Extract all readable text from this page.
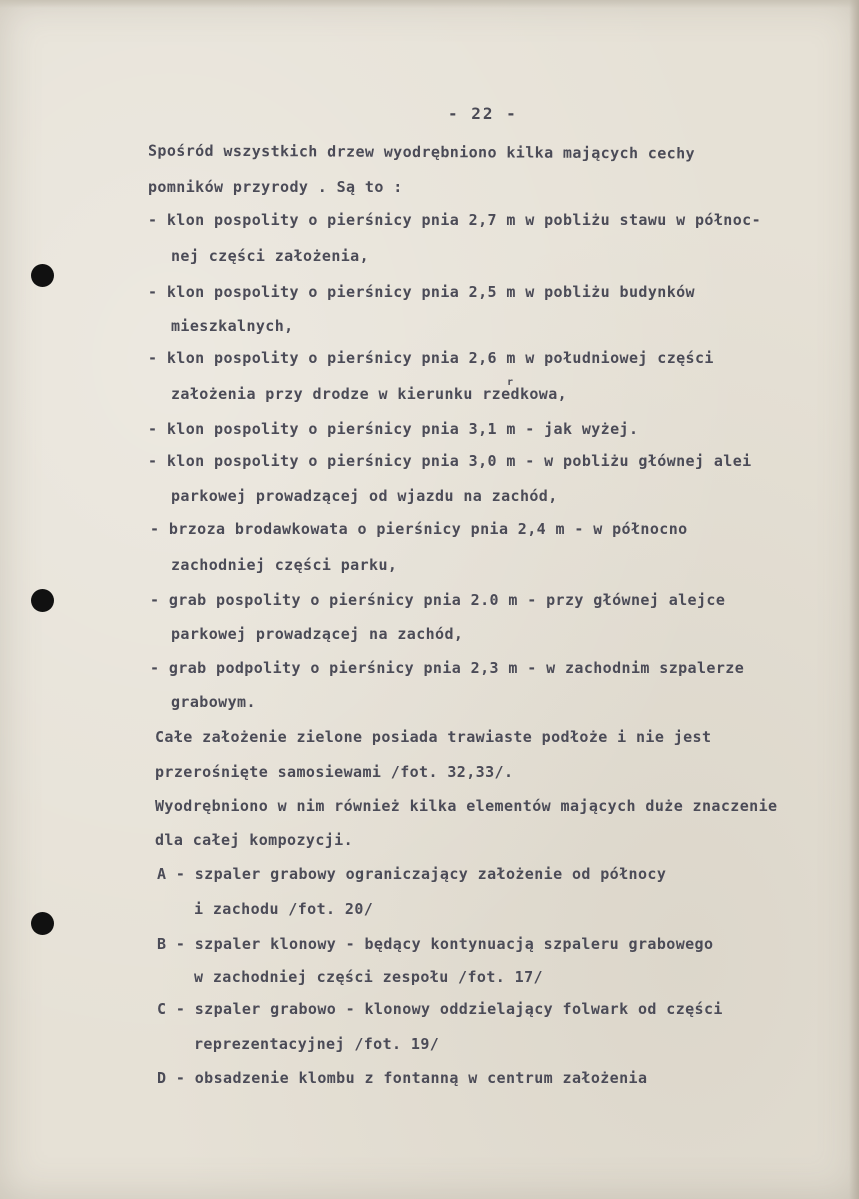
- 22 -
Spośród wszystkich drzew wyodrębniono kilka mających cechy
pomników przyrody . Są to :
- klon pospolity o pierśnicy pnia 2,7 m w pobliżu stawu w północ-
nej części założenia,
- klon pospolity o pierśnicy pnia 2,5 m w pobliżu budynków
mieszkalnych,
- klon pospolity o pierśnicy pnia 2,6 m w południowej części
założenia przy drodze w kierunku rzedkowa,
r
- klon pospolity o pierśnicy pnia 3,1 m - jak wyżej.
- klon pospolity o pierśnicy pnia 3,0 m - w pobliżu głównej alei
parkowej prowadzącej od wjazdu na zachód,
- brzoza brodawkowata o pierśnicy pnia 2,4 m - w północno
zachodniej części parku,
- grab pospolity o pierśnicy pnia 2.0 m - przy głównej alejce
parkowej prowadzącej na zachód,
- grab podpolity o pierśnicy pnia 2,3 m - w zachodnim szpalerze
grabowym.
Całe założenie zielone posiada trawiaste podłoże i nie jest
przerośnięte samosiewami /fot. 32,33/.
Wyodrębniono w nim również kilka elementów mających duże znaczenie
dla całej kompozycji.
A - szpaler grabowy ograniczający założenie od północy
i zachodu /fot. 20/
B - szpaler klonowy - będący kontynuacją szpaleru grabowego
w zachodniej części zespołu /fot. 17/
C - szpaler grabowo - klonowy oddzielający folwark od części
reprezentacyjnej /fot. 19/
D - obsadzenie klombu z fontanną w centrum założenia
